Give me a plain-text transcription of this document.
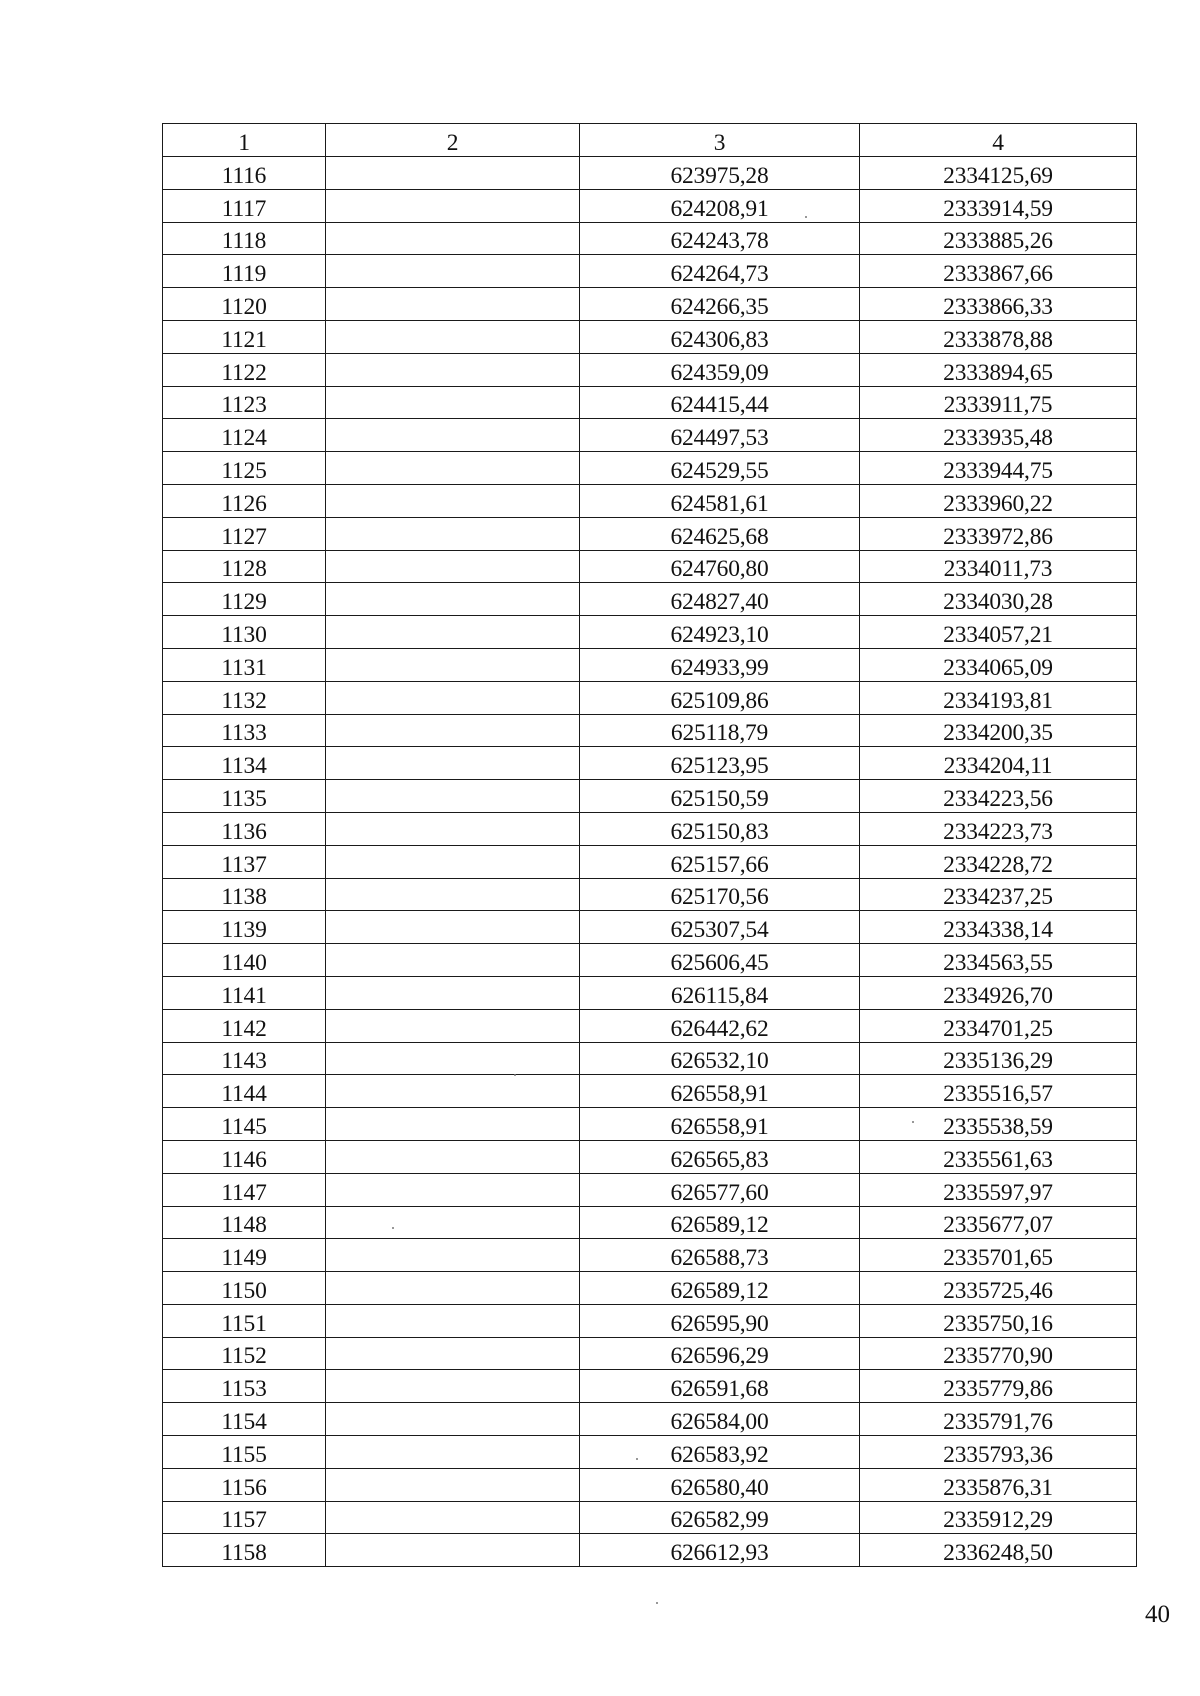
1	2	3	4
1116		623975,28	2334125,69
1117		624208,91	2333914,59
1118		624243,78	2333885,26
1119		624264,73	2333867,66
1120		624266,35	2333866,33
1121		624306,83	2333878,88
1122		624359,09	2333894,65
1123		624415,44	2333911,75
1124		624497,53	2333935,48
1125		624529,55	2333944,75
1126		624581,61	2333960,22
1127		624625,68	2333972,86
1128		624760,80	2334011,73
1129		624827,40	2334030,28
1130		624923,10	2334057,21
1131		624933,99	2334065,09
1132		625109,86	2334193,81
1133		625118,79	2334200,35
1134		625123,95	2334204,11
1135		625150,59	2334223,56
1136		625150,83	2334223,73
1137		625157,66	2334228,72
1138		625170,56	2334237,25
1139		625307,54	2334338,14
1140		625606,45	2334563,55
1141		626115,84	2334926,70
1142		626442,62	2334701,25
1143		626532,10	2335136,29
1144		626558,91	2335516,57
1145		626558,91	2335538,59
1146		626565,83	2335561,63
1147		626577,60	2335597,97
1148		626589,12	2335677,07
1149		626588,73	2335701,65
1150		626589,12	2335725,46
1151		626595,90	2335750,16
1152		626596,29	2335770,90
1153		626591,68	2335779,86
1154		626584,00	2335791,76
1155		626583,92	2335793,36
1156		626580,40	2335876,31
1157		626582,99	2335912,29
1158		626612,93	2336248,50
40
